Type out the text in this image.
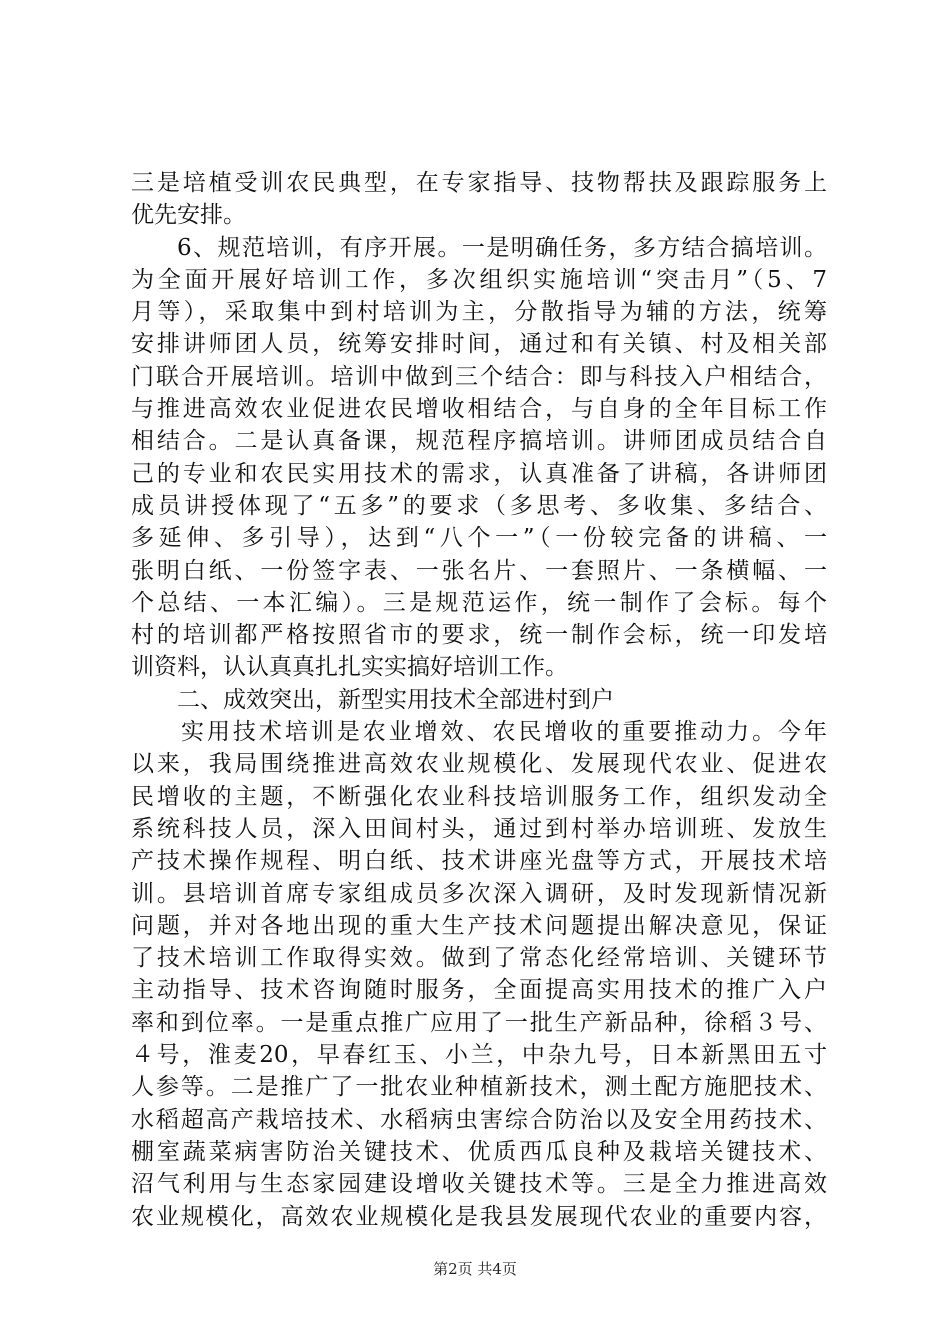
三是培植受训农民典型，在专家指导、技物帮扶及跟踪服务上
优先安排。
6、规范培训，有序开展。一是明确任务，多方结合搞培训。
为全面开展好培训工作，多次组织实施培训“突击月”（5、7
月等），采取集中到村培训为主，分散指导为辅的方法，统筹
安排讲师团人员，统筹安排时间，通过和有关镇、村及相关部
门联合开展培训。培训中做到三个结合：即与科技入户相结合，
与推进高效农业促进农民增收相结合，与自身的全年目标工作
相结合。二是认真备课，规范程序搞培训。讲师团成员结合自
己的专业和农民实用技术的需求，认真准备了讲稿，各讲师团
成员讲授体现了“五多”的要求（多思考、多收集、多结合、
多延伸、多引导），达到“八个一”（一份较完备的讲稿、一
张明白纸、一份签字表、一张名片、一套照片、一条横幅、一
个总结、一本汇编）。三是规范运作，统一制作了会标。每个
村的培训都严格按照省市的要求，统一制作会标，统一印发培
训资料，认认真真扎扎实实搞好培训工作。
二、成效突出，新型实用技术全部进村到户
实用技术培训是农业增效、农民增收的重要推动力。今年
以来，我局围绕推进高效农业规模化、发展现代农业、促进农
民增收的主题，不断强化农业科技培训服务工作，组织发动全
系统科技人员，深入田间村头，通过到村举办培训班、发放生
产技术操作规程、明白纸、技术讲座光盘等方式，开展技术培
训。县培训首席专家组成员多次深入调研，及时发现新情况新
问题，并对各地出现的重大生产技术问题提出解决意见，保证
了技术培训工作取得实效。做到了常态化经常培训、关键环节
主动指导、技术咨询随时服务，全面提高实用技术的推广入户
率和到位率。一是重点推广应用了一批生产新品种，徐稻３号、
４号，淮麦20，早春红玉、小兰，中杂九号，日本新黑田五寸
人参等。二是推广了一批农业种植新技术，测土配方施肥技术、
水稻超高产栽培技术、水稻病虫害综合防治以及安全用药技术、
棚室蔬菜病害防治关键技术、优质西瓜良种及栽培关键技术、
沼气利用与生态家园建设增收关键技术等。三是全力推进高效
农业规模化，高效农业规模化是我县发展现代农业的重要内容，
第2页 共4页
